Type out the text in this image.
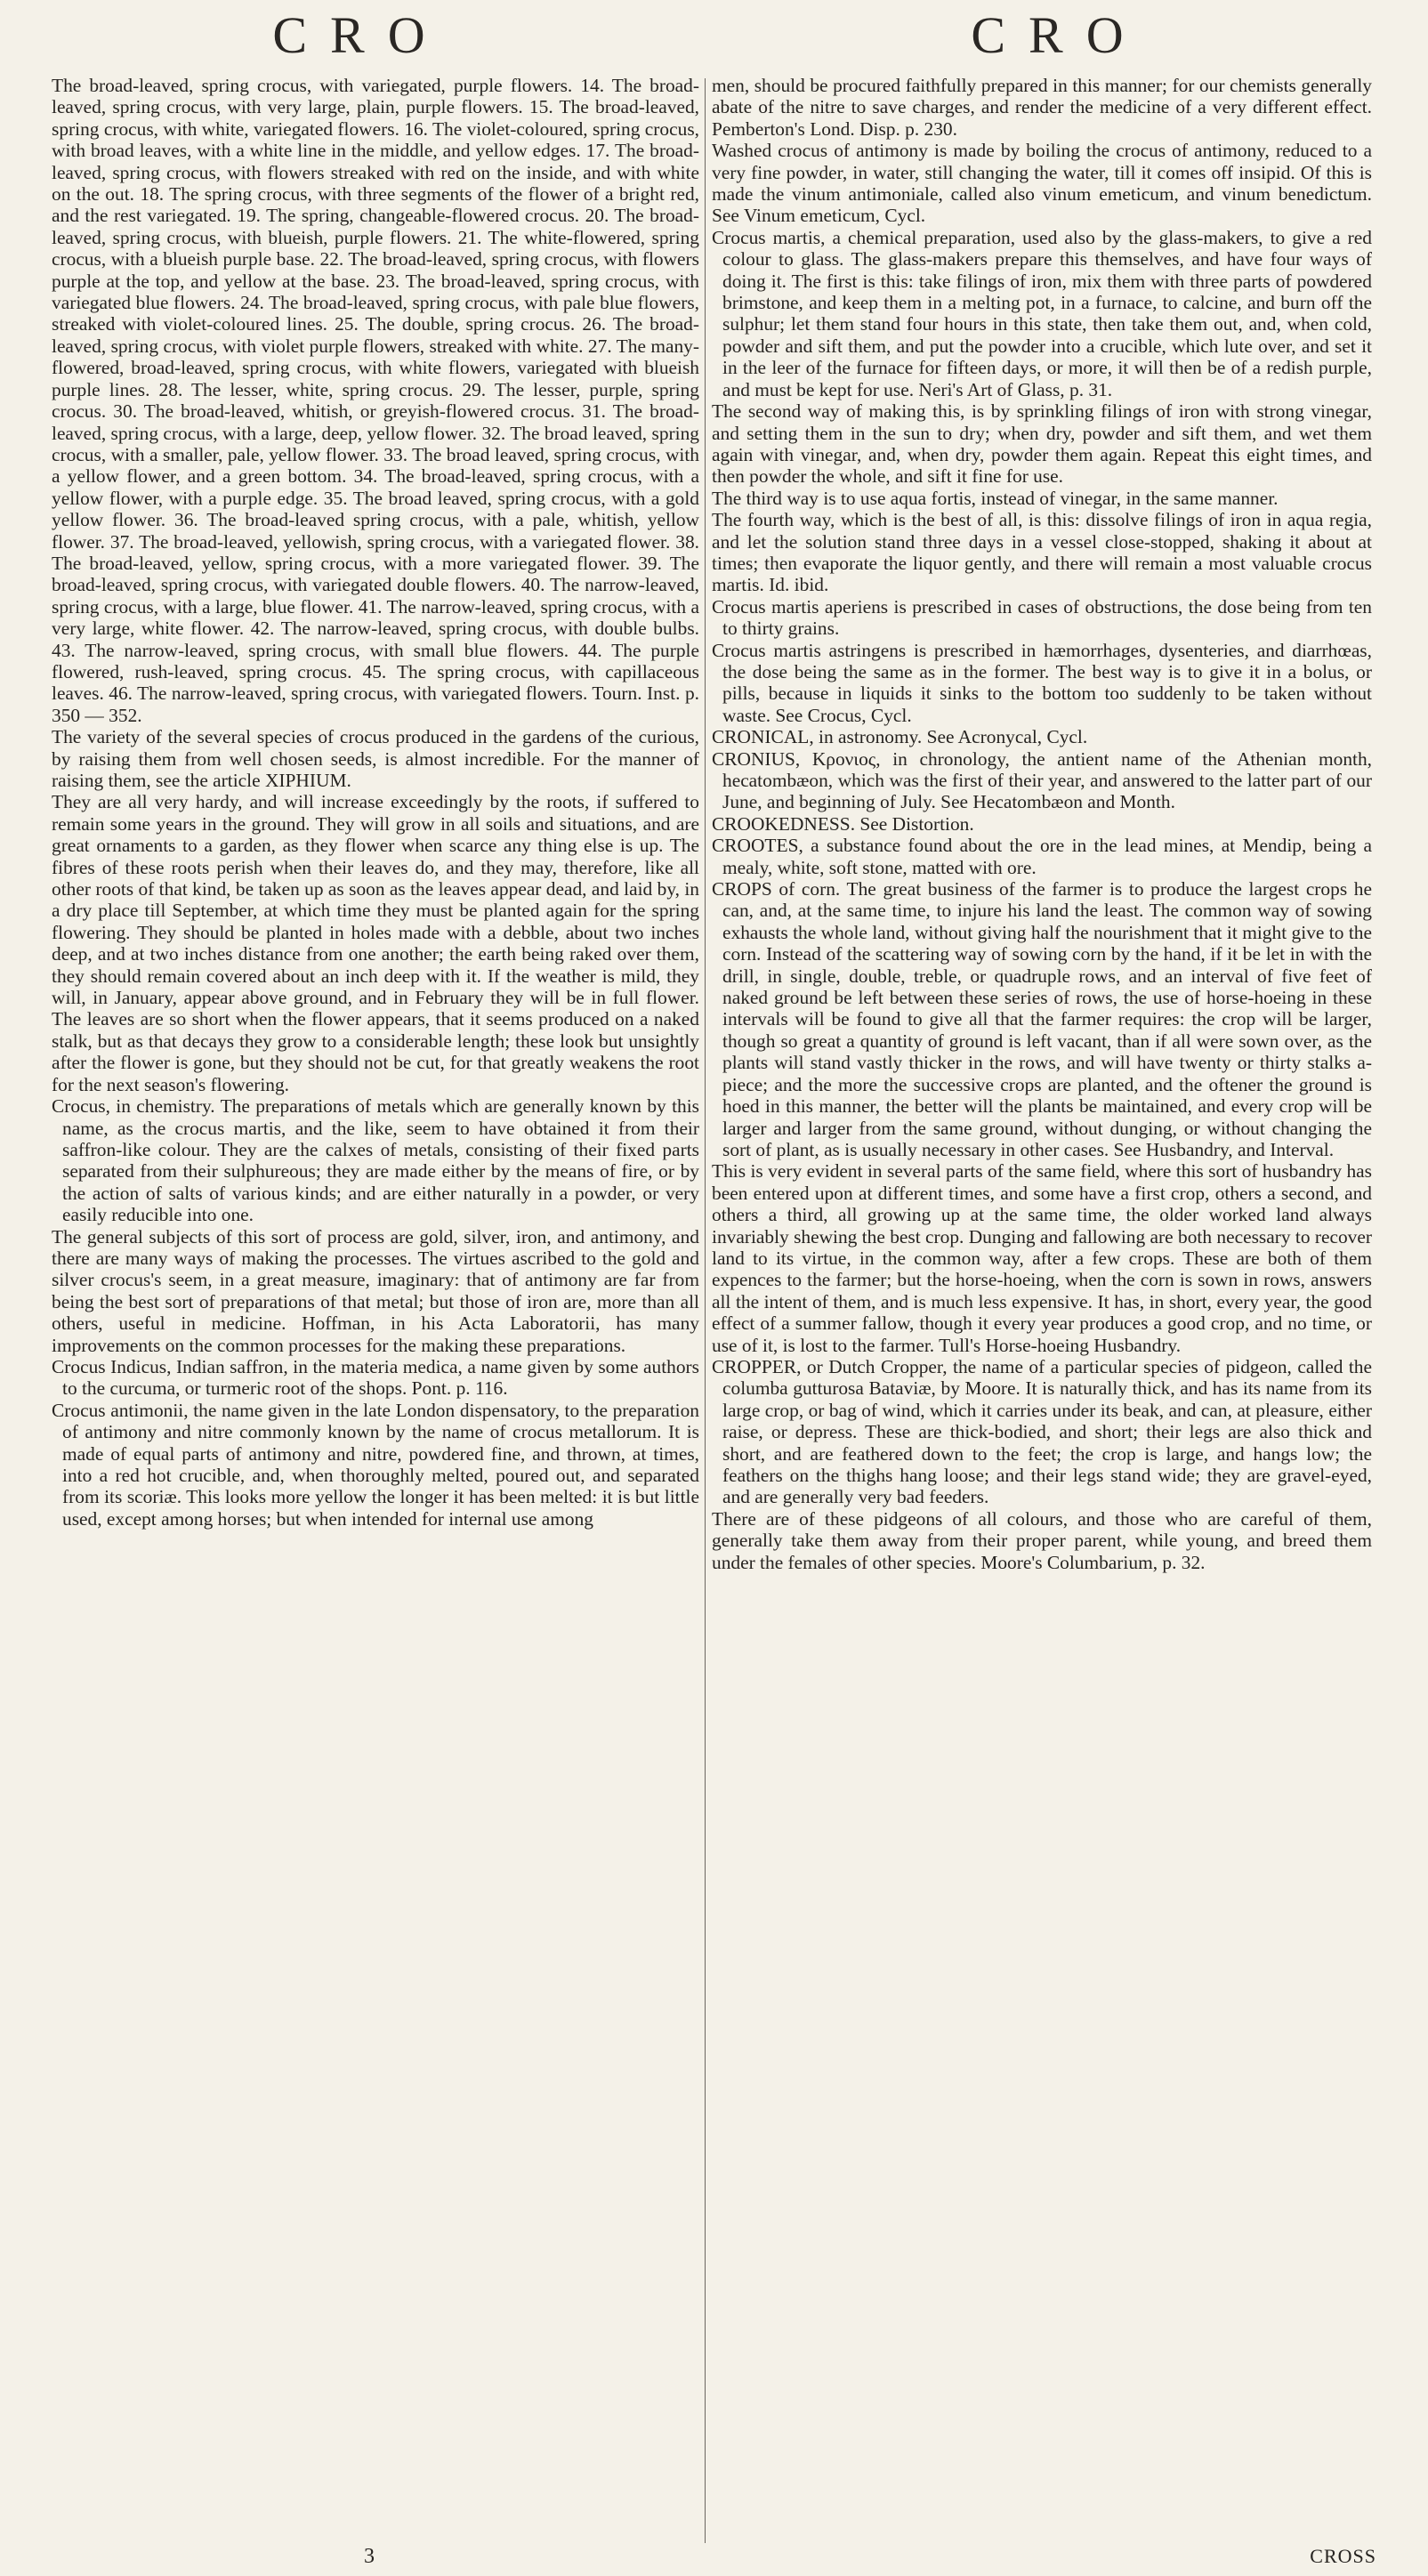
CRO	CRO

The broad-leaved, spring crocus, with variegated, purple flowers. 14. The broad-leaved, spring crocus, with very large, plain, purple flowers. 15. The broad-leaved, spring crocus, with white, variegated flowers. 16. The violet-coloured, spring crocus, with broad leaves, with a white line in the middle, and yellow edges. 17. The broad-leaved, spring crocus, with flowers streaked with red on the inside, and with white on the out. 18. The spring crocus, with three segments of the flower of a bright red, and the rest variegated. 19. The spring, changeable-flowered crocus. 20. The broad-leaved, spring crocus, with blueish, purple flowers. 21. The white-flowered, spring crocus, with a blueish purple base. 22. The broad-leaved, spring crocus, with flowers purple at the top, and yellow at the base. 23. The broad-leaved, spring crocus, with variegated blue flowers. 24. The broad-leaved, spring crocus, with pale blue flowers, streaked with violet-coloured lines. 25. The double, spring crocus. 26. The broad-leaved, spring crocus, with violet purple flowers, streaked with white. 27. The many-flowered, broad-leaved, spring crocus, with white flowers, variegated with blueish purple lines. 28. The lesser, white, spring crocus. 29. The lesser, purple, spring crocus. 30. The broad-leaved, whitish, or greyish-flowered crocus. 31. The broad-leaved, spring crocus, with a large, deep, yellow flower. 32. The broad leaved, spring crocus, with a smaller, pale, yellow flower. 33. The broad leaved, spring crocus, with a yellow flower, and a green bottom. 34. The broad-leaved, spring crocus, with a yellow flower, with a purple edge. 35. The broad leaved, spring crocus, with a gold yellow flower. 36. The broad-leaved spring crocus, with a pale, whitish, yellow flower. 37. The broad-leaved, yellowish, spring crocus, with a variegated flower. 38. The broad-leaved, yellow, spring crocus, with a more variegated flower. 39. The broad-leaved, spring crocus, with variegated double flowers. 40. The narrow-leaved, spring crocus, with a large, blue flower. 41. The narrow-leaved, spring crocus, with a very large, white flower. 42. The narrow-leaved, spring crocus, with double bulbs. 43. The narrow-leaved, spring crocus, with small blue flowers. 44. The purple flowered, rush-leaved, spring crocus. 45. The spring crocus, with capillaceous leaves. 46. The narrow-leaved, spring crocus, with variegated flowers. Tourn. Inst. p. 350 — 352.

The variety of the several species of crocus produced in the gardens of the curious, by raising them from well chosen seeds, is almost incredible. For the manner of raising them, see the article XIPHIUM.

They are all very hardy, and will increase exceedingly by the roots, if suffered to remain some years in the ground. They will grow in all soils and situations, and are great ornaments to a garden, as they flower when scarce any thing else is up. The fibres of these roots perish when their leaves do, and they may, therefore, like all other roots of that kind, be taken up as soon as the leaves appear dead, and laid by, in a dry place till September, at which time they must be planted again for the spring flowering. They should be planted in holes made with a debble, about two inches deep, and at two inches distance from one another; the earth being raked over them, they should remain covered about an inch deep with it. If the weather is mild, they will, in January, appear above ground, and in February they will be in full flower. The leaves are so short when the flower appears, that it seems produced on a naked stalk, but as that decays they grow to a considerable length; these look but unsightly after the flower is gone, but they should not be cut, for that greatly weakens the root for the next season's flowering.

Crocus, in chemistry. The preparations of metals which are generally known by this name, as the crocus martis, and the like, seem to have obtained it from their saffron-like colour. They are the calxes of metals, consisting of their fixed parts separated from their sulphureous; they are made either by the means of fire, or by the action of salts of various kinds; and are either naturally in a powder, or very easily reducible into one.

The general subjects of this sort of process are gold, silver, iron, and antimony, and there are many ways of making the processes. The virtues ascribed to the gold and silver crocus's seem, in a great measure, imaginary: that of antimony are far from being the best sort of preparations of that metal; but those of iron are, more than all others, useful in medicine. Hoffman, in his Acta Laboratorii, has many improvements on the common processes for the making these preparations.

Crocus Indicus, Indian saffron, in the materia medica, a name given by some authors to the curcuma, or turmeric root of the shops. Pont. p. 116.

Crocus antimonii, the name given in the late London dispensatory, to the preparation of antimony and nitre commonly known by the name of crocus metallorum. It is made of equal parts of antimony and nitre, powdered fine, and thrown, at times, into a red hot crucible, and, when thoroughly melted, poured out, and separated from its scoriæ. This looks more yellow the longer it has been melted: it is but little used, except among horses; but when intended for internal use among

men, should be procured faithfully prepared in this manner; for our chemists generally abate of the nitre to save charges, and render the medicine of a very different effect. Pemberton's Lond. Disp. p. 230.

Washed crocus of antimony is made by boiling the crocus of antimony, reduced to a very fine powder, in water, still changing the water, till it comes off insipid. Of this is made the vinum antimoniale, called also vinum emeticum, and vinum benedictum. See Vinum emeticum, Cycl.

Crocus martis, a chemical preparation, used also by the glass-makers, to give a red colour to glass. The glass-makers prepare this themselves, and have four ways of doing it. The first is this: take filings of iron, mix them with three parts of powdered brimstone, and keep them in a melting pot, in a furnace, to calcine, and burn off the sulphur; let them stand four hours in this state, then take them out, and, when cold, powder and sift them, and put the powder into a crucible, which lute over, and set it in the leer of the furnace for fifteen days, or more, it will then be of a redish purple, and must be kept for use. Neri's Art of Glass, p. 31.

The second way of making this, is by sprinkling filings of iron with strong vinegar, and setting them in the sun to dry; when dry, powder and sift them, and wet them again with vinegar, and, when dry, powder them again. Repeat this eight times, and then powder the whole, and sift it fine for use.

The third way is to use aqua fortis, instead of vinegar, in the same manner.

The fourth way, which is the best of all, is this: dissolve filings of iron in aqua regia, and let the solution stand three days in a vessel close-stopped, shaking it about at times; then evaporate the liquor gently, and there will remain a most valuable crocus martis. Id. ibid.

Crocus martis aperiens is prescribed in cases of obstructions, the dose being from ten to thirty grains.

Crocus martis astringens is prescribed in hæmorrhages, dysenteries, and diarrhœas, the dose being the same as in the former. The best way is to give it in a bolus, or pills, because in liquids it sinks to the bottom too suddenly to be taken without waste. See Crocus, Cycl.

CRONICAL, in astronomy. See Acronycal, Cycl.

CRONIUS, Κρονιος, in chronology, the antient name of the Athenian month, hecatombæon, which was the first of their year, and answered to the latter part of our June, and beginning of July. See Hecatombæon and Month.

CROOKEDNESS. See Distortion.

CROOTES, a substance found about the ore in the lead mines, at Mendip, being a mealy, white, soft stone, matted with ore.

CROPS of corn. The great business of the farmer is to produce the largest crops he can, and, at the same time, to injure his land the least. The common way of sowing exhausts the whole land, without giving half the nourishment that it might give to the corn. Instead of the scattering way of sowing corn by the hand, if it be let in with the drill, in single, double, treble, or quadruple rows, and an interval of five feet of naked ground be left between these series of rows, the use of horse-hoeing in these intervals will be found to give all that the farmer requires: the crop will be larger, though so great a quantity of ground is left vacant, than if all were sown over, as the plants will stand vastly thicker in the rows, and will have twenty or thirty stalks a-piece; and the more the successive crops are planted, and the oftener the ground is hoed in this manner, the better will the plants be maintained, and every crop will be larger and larger from the same ground, without dunging, or without changing the sort of plant, as is usually necessary in other cases. See Husbandry, and Interval.

This is very evident in several parts of the same field, where this sort of husbandry has been entered upon at different times, and some have a first crop, others a second, and others a third, all growing up at the same time, the older worked land always invariably shewing the best crop. Dunging and fallowing are both necessary to recover land to its virtue, in the common way, after a few crops. These are both of them expences to the farmer; but the horse-hoeing, when the corn is sown in rows, answers all the intent of them, and is much less expensive. It has, in short, every year, the good effect of a summer fallow, though it every year produces a good crop, and no time, or use of it, is lost to the farmer. Tull's Horse-hoeing Husbandry.

CROPPER, or Dutch Cropper, the name of a particular species of pidgeon, called the columba gutturosa Bataviæ, by Moore. It is naturally thick, and has its name from its large crop, or bag of wind, which it carries under its beak, and can, at pleasure, either raise, or depress. These are thick-bodied, and short; their legs are also thick and short, and are feathered down to the feet; the crop is large, and hangs low; the feathers on the thighs hang loose; and their legs stand wide; they are gravel-eyed, and are generally very bad feeders.

There are of these pidgeons of all colours, and those who are careful of them, generally take them away from their proper parent, while young, and breed them under the females of other species. Moore's Columbarium, p. 32.

3	CROSS
